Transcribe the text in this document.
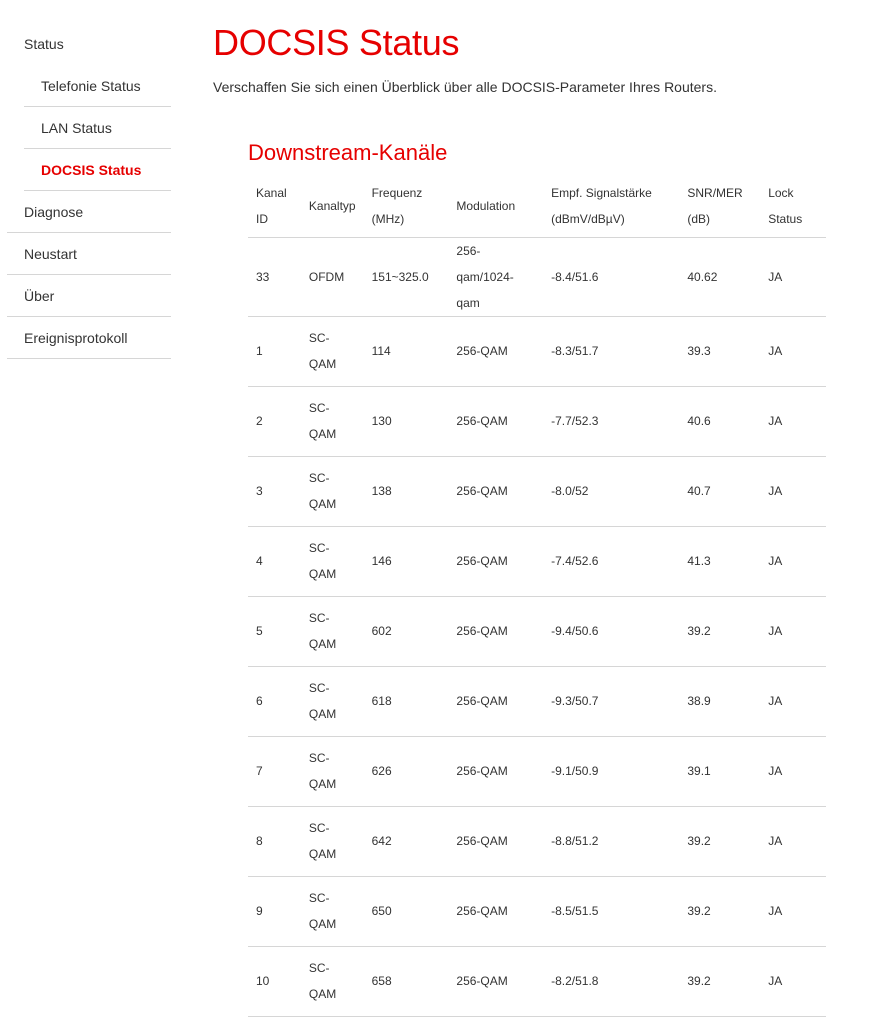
Status
Telefonie Status
LAN Status
DOCSIS Status
Diagnose
Neustart
Über
Ereignisprotokoll
DOCSIS Status
Verschaffen Sie sich einen Überblick über alle DOCSIS-Parameter Ihres Routers.
Downstream-Kanäle
Kanal ID	Kanaltyp	Frequenz (MHz)	Modulation	Empf. Signalstärke (dBmV/dBµV)	SNR/MER (dB)	Lock Status
33	OFDM	151~325.0	256-qam/1024-qam	-8.4/51.6	40.62	JA
1	SC-QAM	114	256-QAM	-8.3/51.7	39.3	JA
2	SC-QAM	130	256-QAM	-7.7/52.3	40.6	JA
3	SC-QAM	138	256-QAM	-8.0/52	40.7	JA
4	SC-QAM	146	256-QAM	-7.4/52.6	41.3	JA
5	SC-QAM	602	256-QAM	-9.4/50.6	39.2	JA
6	SC-QAM	618	256-QAM	-9.3/50.7	38.9	JA
7	SC-QAM	626	256-QAM	-9.1/50.9	39.1	JA
8	SC-QAM	642	256-QAM	-8.8/51.2	39.2	JA
9	SC-QAM	650	256-QAM	-8.5/51.5	39.2	JA
10	SC-QAM	658	256-QAM	-8.2/51.8	39.2	JA
